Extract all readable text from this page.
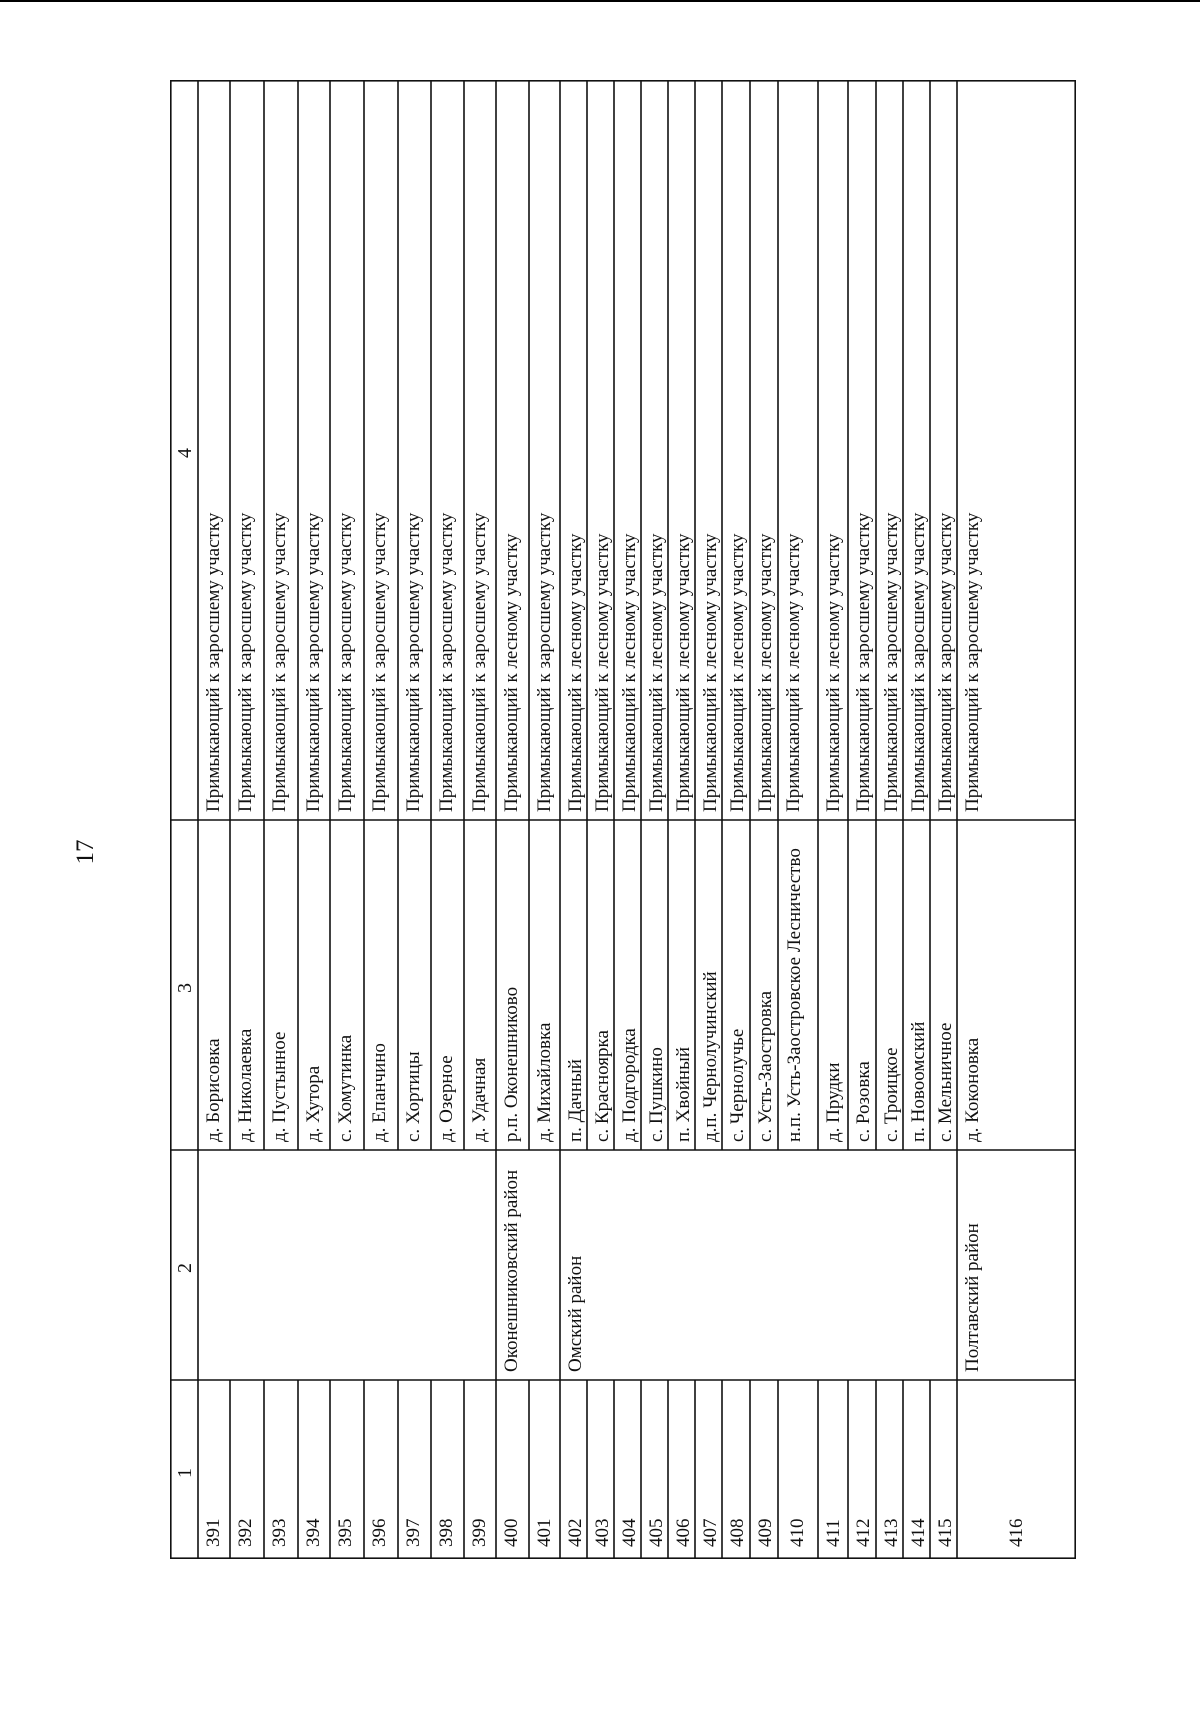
17
1
2
3
4
391
д. Борисовка
Примыкающий к заросшему участку
392
д. Николаевка
Примыкающий к заросшему участку
393
д. Пустынное
Примыкающий к заросшему участку
394
д. Хутора
Примыкающий к заросшему участку
395
с. Хомутинка
Примыкающий к заросшему участку
396
д. Епанчино
Примыкающий к заросшему участку
397
с. Хортицы
Примыкающий к заросшему участку
398
д. Озерное
Примыкающий к заросшему участку
399
д. Удачная
Примыкающий к заросшему участку
400
Оконешниковский район
р.п. Оконешниково
Примыкающий к лесному участку
401
д. Михайловка
Примыкающий к заросшему участку
402
Омский район
п. Дачный
Примыкающий к лесному участку
403
с. Красноярка
Примыкающий к лесному участку
404
д. Подгородка
Примыкающий к лесному участку
405
с. Пушкино
Примыкающий к лесному участку
406
п. Хвойный
Примыкающий к лесному участку
407
д.п. Чернолучинский
Примыкающий к лесному участку
408
с. Чернолучье
Примыкающий к лесному участку
409
с. Усть-Заостровка
Примыкающий к лесному участку
410
н.п. Усть-Заостровское Лесничество
Примыкающий к лесному участку
411
д. Прудки
Примыкающий к лесному участку
412
с. Розовка
Примыкающий к заросшему участку
413
с. Троицкое
Примыкающий к заросшему участку
414
п. Новоомский
Примыкающий к заросшему участку
415
с. Мельничное
Примыкающий к заросшему участку
416
Полтавский район
д. Коконовка
Примыкающий к заросшему участку
